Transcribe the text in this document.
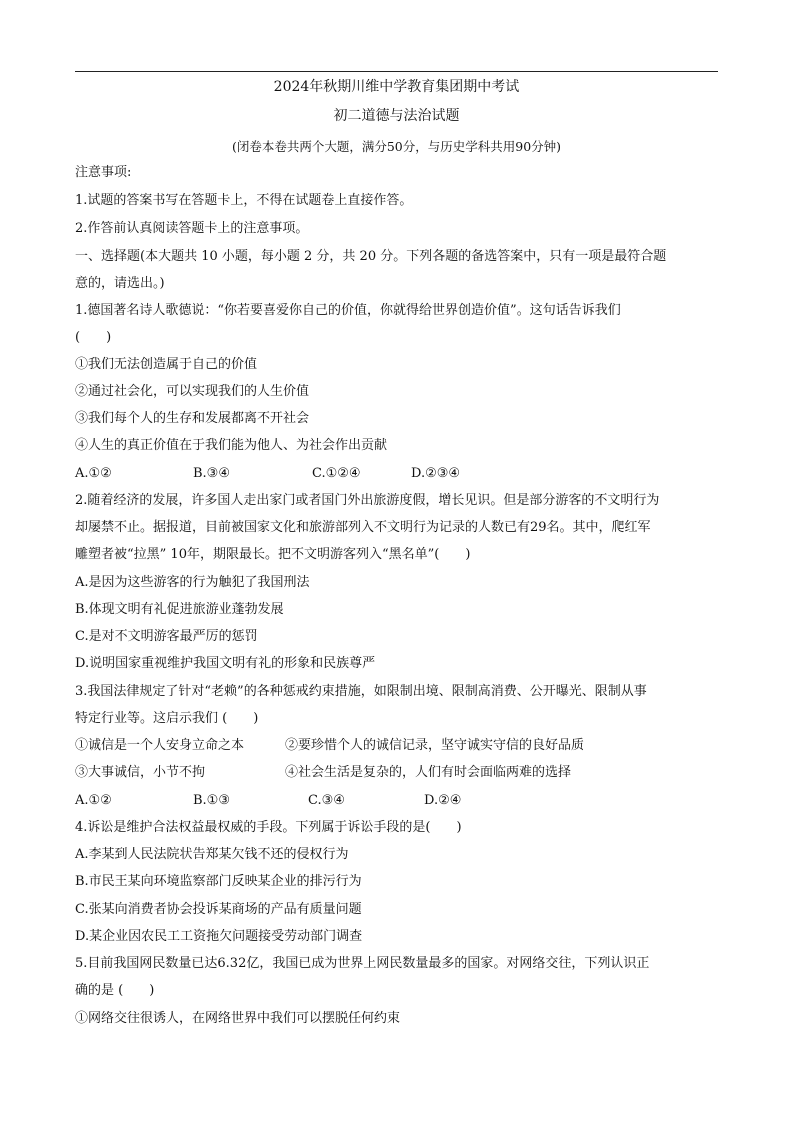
2024年秋期川维中学教育集团期中考试
初二道德与法治试题
(闭卷本卷共两个大题，满分50分，与历史学科共用90分钟)
注意事项:
1.试题的答案书写在答题卡上，不得在试题卷上直接作答。
2.作答前认真阅读答题卡上的注意事项。
一、选择题(本大题共 10 小题，每小题 2 分，共 20 分。下列各题的备选答案中，只有一项是最符合题
意的，请选出。)
1.德国著名诗人歌德说：“你若要喜爱你自己的价值，你就得给世界创造价值”。这句话告诉我们
(　　)
①我们无法创造属于自己的价值
②通过社会化，可以实现我们的人生价值
③我们每个人的生存和发展都离不开社会
④人生的真正价值在于我们能为他人、为社会作出贡献
A.①②	B.③④	C.①②④	D.②③④
2.随着经济的发展，许多国人走出家门或者国门外出旅游度假，增长见识。但是部分游客的不文明行为
却屡禁不止。据报道，目前被国家文化和旅游部列入不文明行为记录的人数已有29名。其中，爬红军
雕塑者被“拉黑” 10年，期限最长。把不文明游客列入“黑名单”(　　)
A.是因为这些游客的行为触犯了我国刑法
B.体现文明有礼促进旅游业蓬勃发展
C.是对不文明游客最严厉的惩罚
D.说明国家重视维护我国文明有礼的形象和民族尊严
3.我国法律规定了针对“老赖”的各种惩戒约束措施，如限制出境、限制高消费、公开曝光、限制从事
特定行业等。这启示我们 (　　)
①诚信是一个人安身立命之本	②要珍惜个人的诚信记录，坚守诚实守信的良好品质
③大事诚信，小节不拘	④社会生活是复杂的，人们有时会面临两难的选择
A.①②	B.①③	C.③④	D.②④
4.诉讼是维护合法权益最权威的手段。下列属于诉讼手段的是(　　)
A.李某到人民法院状告郑某欠钱不还的侵权行为
B.市民王某向环境监察部门反映某企业的排污行为
C.张某向消费者协会投诉某商场的产品有质量问题
D.某企业因农民工工资拖欠问题接受劳动部门调查
5.目前我国网民数量已达6.32亿，我国已成为世界上网民数量最多的国家。对网络交往，下列认识正
确的是 (　　)
①网络交往很诱人，在网络世界中我们可以摆脱任何约束
